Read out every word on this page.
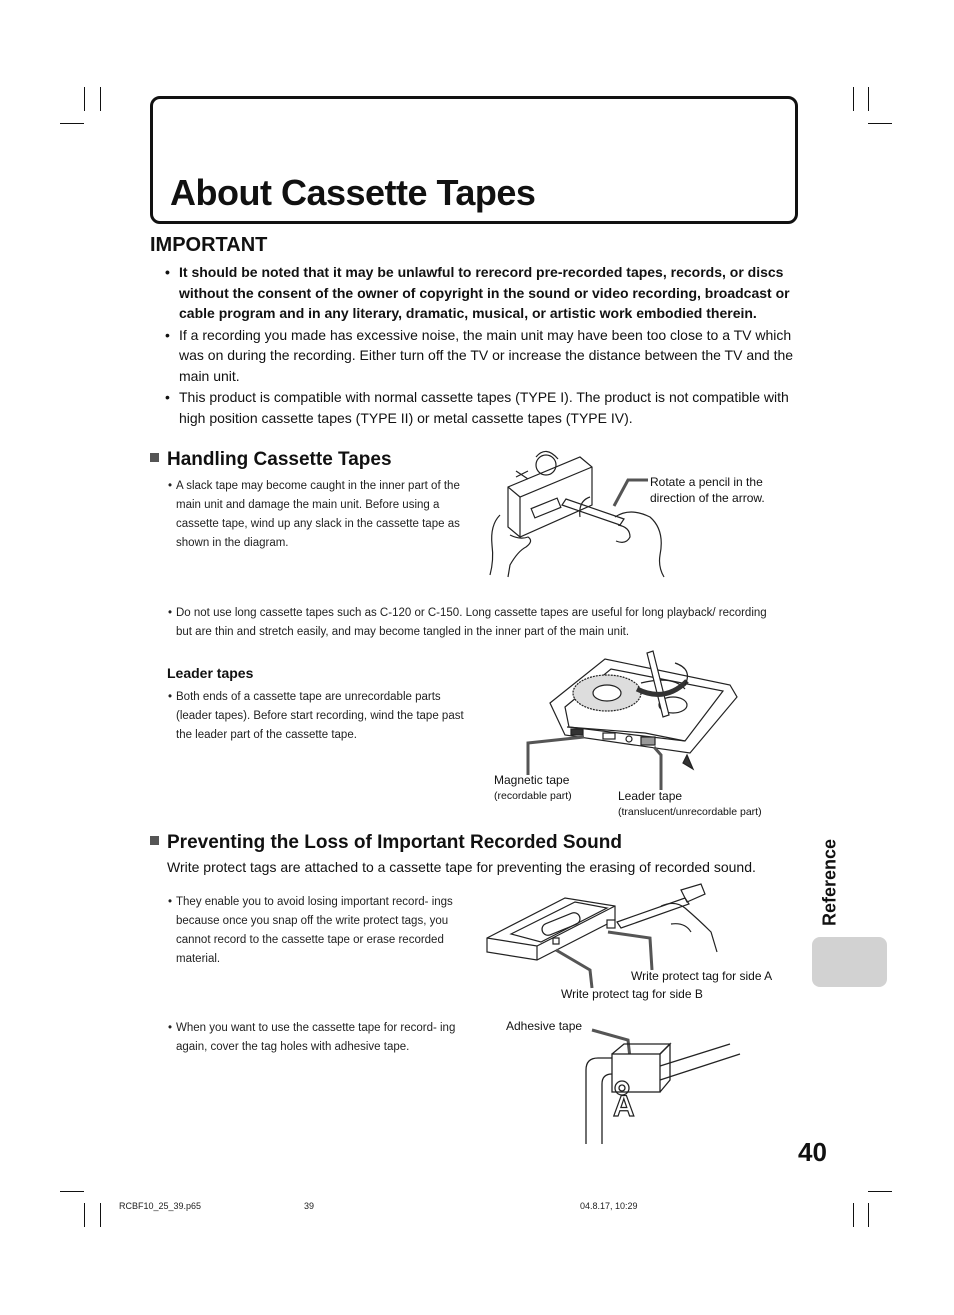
About Cassette Tapes
IMPORTANT
• It should be noted that it may be unlawful to rerecord pre-recorded tapes, records, or discs without the consent of the owner of copyright in the sound or video recording, broadcast or cable program and in any literary, dramatic, musical, or artistic work embodied therein.
• If a recording you made has excessive noise, the main unit may have been too close to a TV which was on during the recording. Either turn off the TV or increase the distance between the TV and the main unit.
• This product is compatible with normal cassette tapes (TYPE I). The product is not compatible with high position cassette tapes (TYPE II) or metal cassette tapes (TYPE IV).
Handling Cassette Tapes
• A slack tape may become caught in the inner part of the main unit and damage the main unit. Before using a cassette tape, wind up any slack in the cassette tape as shown in the diagram.
Rotate a pencil in the direction of the arrow.
• Do not use long cassette tapes such as C-120 or C-150. Long cassette tapes are useful for long playback/ recording but are thin and stretch easily, and may become tangled in the inner part of the main unit.
Leader tapes
• Both ends of a cassette tape are unrecordable parts (leader tapes). Before start recording, wind the tape past the leader part of the cassette tape.
Magnetic tape
(recordable part)	Leader tape
(translucent/unrecordable part)
Preventing the Loss of Important Recorded Sound
Write protect tags are attached to a cassette tape for preventing the erasing of recorded sound.
• They enable you to avoid losing important record- ings because once you snap off the write protect tags, you cannot record to the cassette tape or erase recorded material.
Write protect tag for side A
Write protect tag for side B
• When you want to use the cassette tape for record- ing again, cover the tag holes with adhesive tape.
Adhesive tape
A
Reference
40
RCBF10_25_39.p65	39	04.8.17, 10:29
